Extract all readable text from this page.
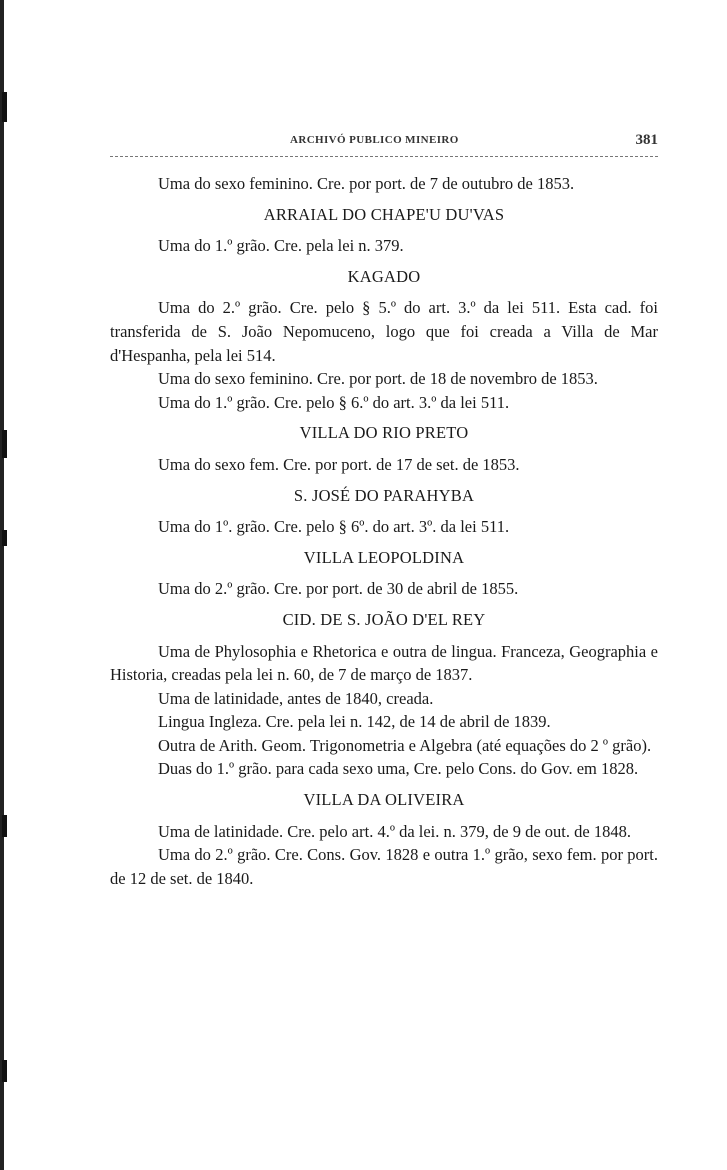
ARCHIVÓ PUBLICO MINEIRO	381

Uma do sexo feminino. Cre. por port. de 7 de outubro de 1853.

ARRAIAL DO CHAPE'U DU'VAS

Uma do 1.º grão. Cre. pela lei n. 379.

KAGADO

Uma do 2.º grão. Cre. pelo § 5.º do art. 3.º da lei 511. Esta cad. foi transferida de S. João Nepomuceno, logo que foi creada a Villa de Mar d'Hespanha, pela lei 514.

Uma do sexo feminino. Cre. por port. de 18 de novembro de 1853.

Uma do 1.º grão. Cre. pelo § 6.º do art. 3.º da lei 511.

VILLA DO RIO PRETO

Uma do sexo fem. Cre. por port. de 17 de set. de 1853.

S. JOSÉ DO PARAHYBA

Uma do 1º. grão. Cre. pelo § 6º. do art. 3º. da lei 511.

VILLA LEOPOLDINA

Uma do 2.º grão. Cre. por port. de 30 de abril de 1855.

CID. DE S. JOÃO D'EL REY

Uma de Phylosophia e Rhetorica e outra de lingua. Franceza, Geographia e Historia, creadas pela lei n. 60, de 7 de março de 1837.

Uma de latinidade, antes de 1840, creada.

Lingua Ingleza. Cre. pela lei n. 142, de 14 de abril de 1839.

Outra de Arith. Geom. Trigonometria e Algebra (até equações do 2 º grão).

Duas do 1.º grão. para cada sexo uma, Cre. pelo Cons. do Gov. em 1828.

VILLA DA OLIVEIRA

Uma de latinidade. Cre. pelo art. 4.º da lei. n. 379, de 9 de out. de 1848.

Uma do 2.º grão. Cre. Cons. Gov. 1828 e outra 1.º grão, sexo fem. por port. de 12 de set. de 1840.
